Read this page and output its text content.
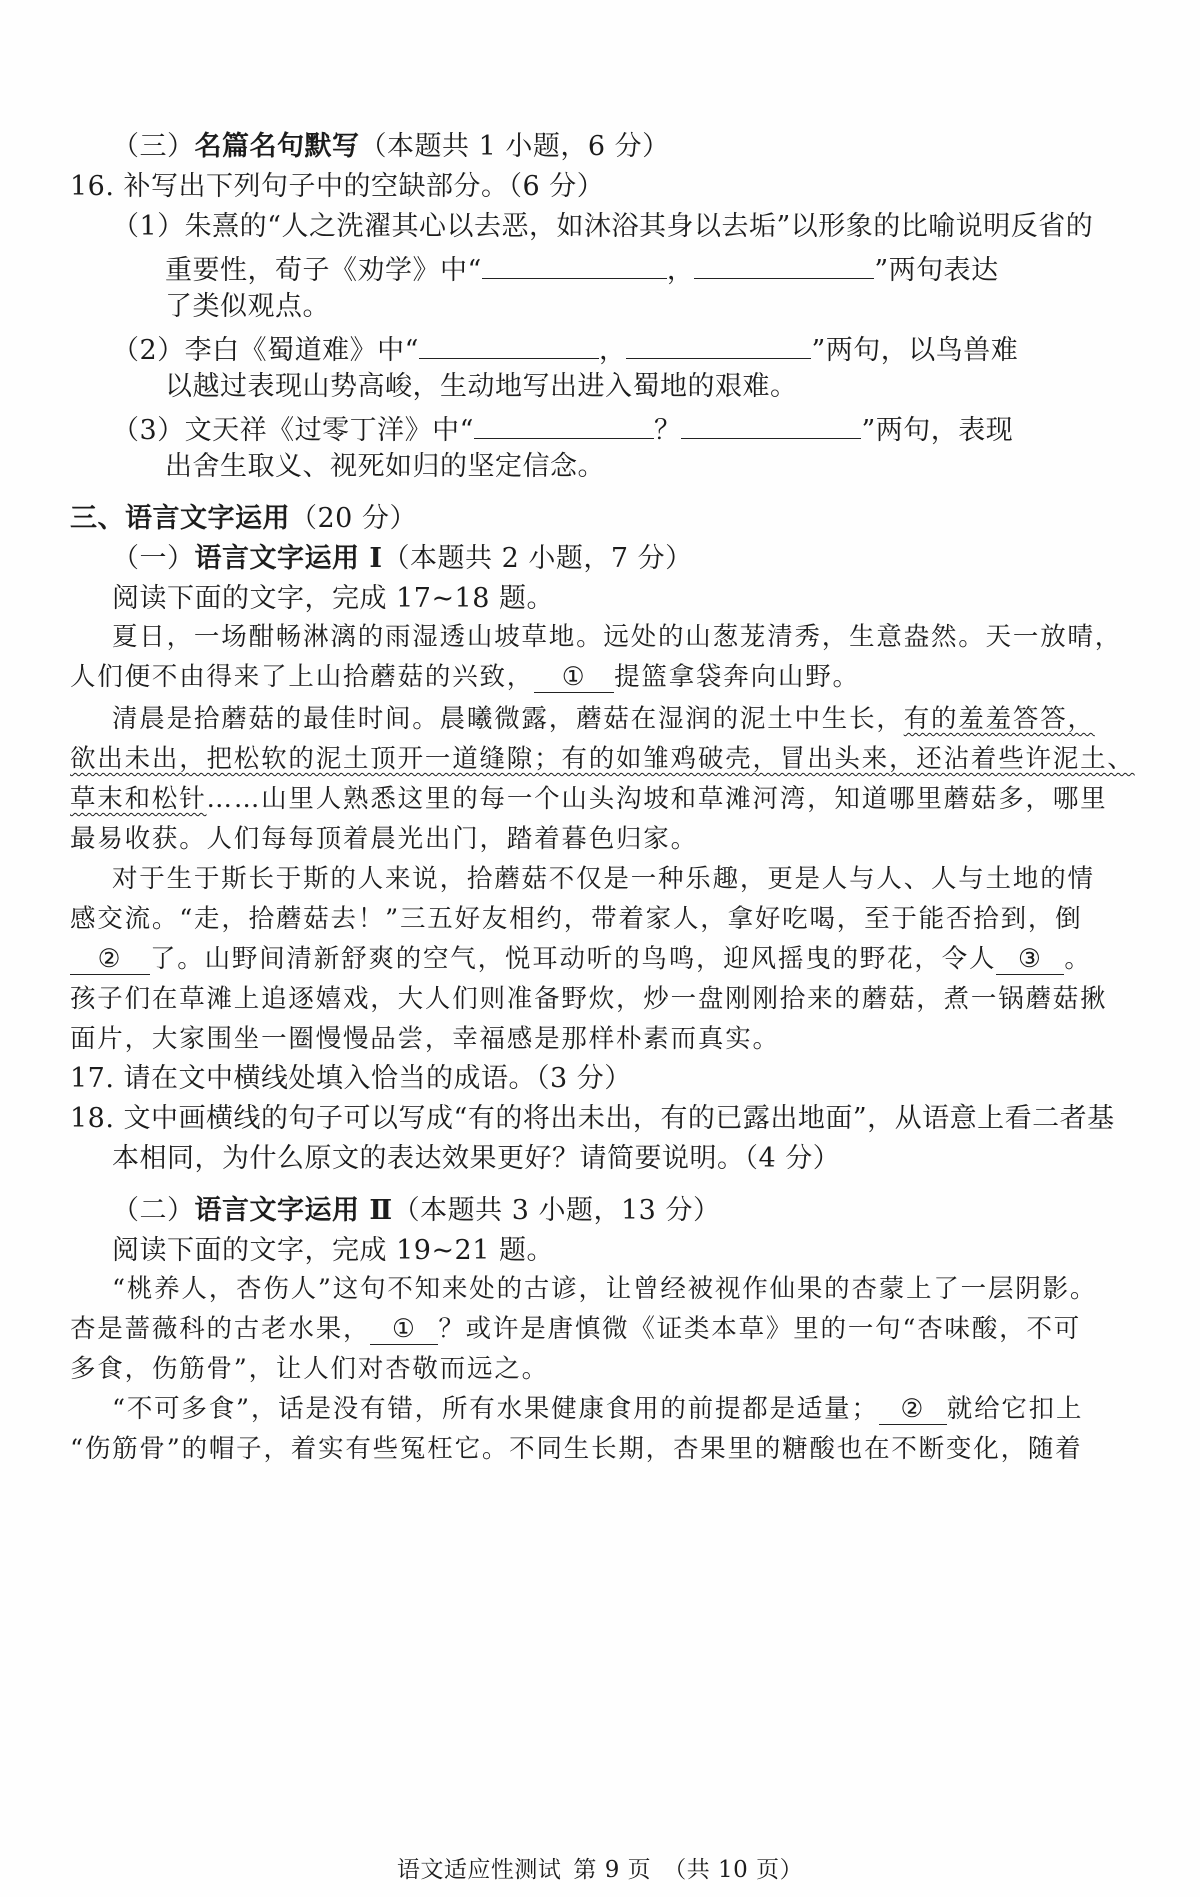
（三）名篇名句默写（本题共 1 小题，6 分）
16. 补写出下列句子中的空缺部分。（6 分）
（1）朱熹的“人之洗濯其心以去恶，如沐浴其身以去垢”以形象的比喻说明反省的
重要性，荀子《劝学》中“	，	”两句表达
了类似观点。
（2）李白《蜀道难》中“	，	”两句，以鸟兽难
以越过表现山势高峻，生动地写出进入蜀地的艰难。
（3）文天祥《过零丁洋》中“	？	”两句，表现
出舍生取义、视死如归的坚定信念。
三、语言文字运用（20 分）
（一）语言文字运用 Ⅰ（本题共 2 小题，7 分）
阅读下面的文字，完成 17~18 题。
夏日，一场酣畅淋漓的雨湿透山坡草地。远处的山葱茏清秀，生意盎然。天一放晴，
人们便不由得来了上山拾蘑菇的兴致， ① 提篮拿袋奔向山野。
清晨是拾蘑菇的最佳时间。晨曦微露，蘑菇在湿润的泥土中生长，有的羞羞答答，
欲出未出，把松软的泥土顶开一道缝隙；有的如雏鸡破壳，冒出头来，还沾着些许泥土、
草末和松针……山里人熟悉这里的每一个山头沟坡和草滩河湾，知道哪里蘑菇多，哪里
最易收获。人们每每顶着晨光出门，踏着暮色归家。
对于生于斯长于斯的人来说，拾蘑菇不仅是一种乐趣，更是人与人、人与土地的情
感交流。“走，拾蘑菇去！”三五好友相约，带着家人，拿好吃喝，至于能否拾到，倒
② 了。山野间清新舒爽的空气，悦耳动听的鸟鸣，迎风摇曳的野花，令人 ③ 。
孩子们在草滩上追逐嬉戏，大人们则准备野炊，炒一盘刚刚拾来的蘑菇，煮一锅蘑菇揪
面片，大家围坐一圈慢慢品尝，幸福感是那样朴素而真实。
17. 请在文中横线处填入恰当的成语。（3 分）
18. 文中画横线的句子可以写成“有的将出未出，有的已露出地面”，从语意上看二者基
本相同，为什么原文的表达效果更好？请简要说明。（4 分）
（二）语言文字运用 Ⅱ（本题共 3 小题，13 分）
阅读下面的文字，完成 19~21 题。
“桃养人，杏伤人”这句不知来处的古谚，让曾经被视作仙果的杏蒙上了一层阴影。
杏是蔷薇科的古老水果， ① ？或许是唐慎微《证类本草》里的一句“杏味酸，不可
多食，伤筋骨”，让人们对杏敬而远之。
“不可多食”，话是没有错，所有水果健康食用的前提都是适量； ② 就给它扣上
“伤筋骨”的帽子，着实有些冤枉它。不同生长期，杏果里的糖酸也在不断变化，随着
语文适应性测试 第 9 页 （共 10 页）
